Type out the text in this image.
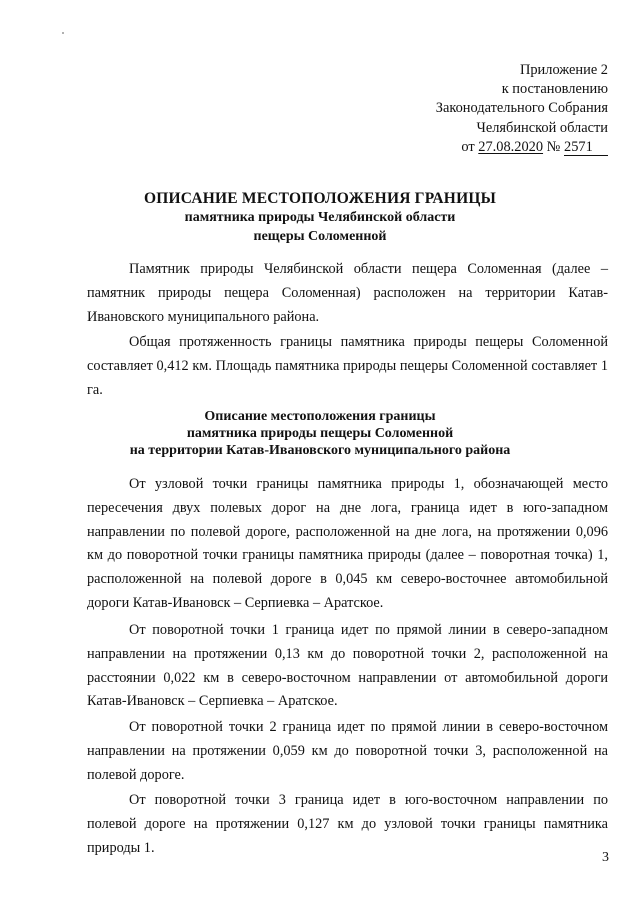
Приложение 2
к постановлению
Законодательного Собрания
Челябинской области
от 27.08.2020 № 2571
ОПИСАНИЕ МЕСТОПОЛОЖЕНИЯ ГРАНИЦЫ
памятника природы Челябинской области
пещеры Соломенной

Памятник природы Челябинской области пещера Соломенная (далее – памятник природы пещера Соломенная) расположен на территории Катав-Ивановского муниципального района.

Общая протяженность границы памятника природы пещеры Соломенной составляет 0,412 км. Площадь памятника природы пещеры Соломенной составляет 1 га.

Описание местоположения границы
памятника природы пещеры Соломенной
на территории Катав-Ивановского муниципального района

От узловой точки границы памятника природы 1, обозначающей место пересечения двух полевых дорог на дне лога, граница идет в юго-западном направлении по полевой дороге, расположенной на дне лога, на протяжении 0,096 км до поворотной точки границы памятника природы (далее – поворотная точка) 1, расположенной на полевой дороге в 0,045 км северо-восточнее автомобильной дороги Катав-Ивановск – Серпиевка – Аратское.

От поворотной точки 1 граница идет по прямой линии в северо-западном направлении на протяжении 0,13 км до поворотной точки 2, расположенной на расстоянии 0,022 км в северо-восточном направлении от автомобильной дороги Катав-Ивановск – Серпиевка – Аратское.

От поворотной точки 2 граница идет по прямой линии в северо-восточном направлении на протяжении 0,059 км до поворотной точки 3, расположенной на полевой дороге.

От поворотной точки 3 граница идет в юго-восточном направлении по полевой дороге на протяжении 0,127 км до узловой точки границы памятника природы 1.

3
